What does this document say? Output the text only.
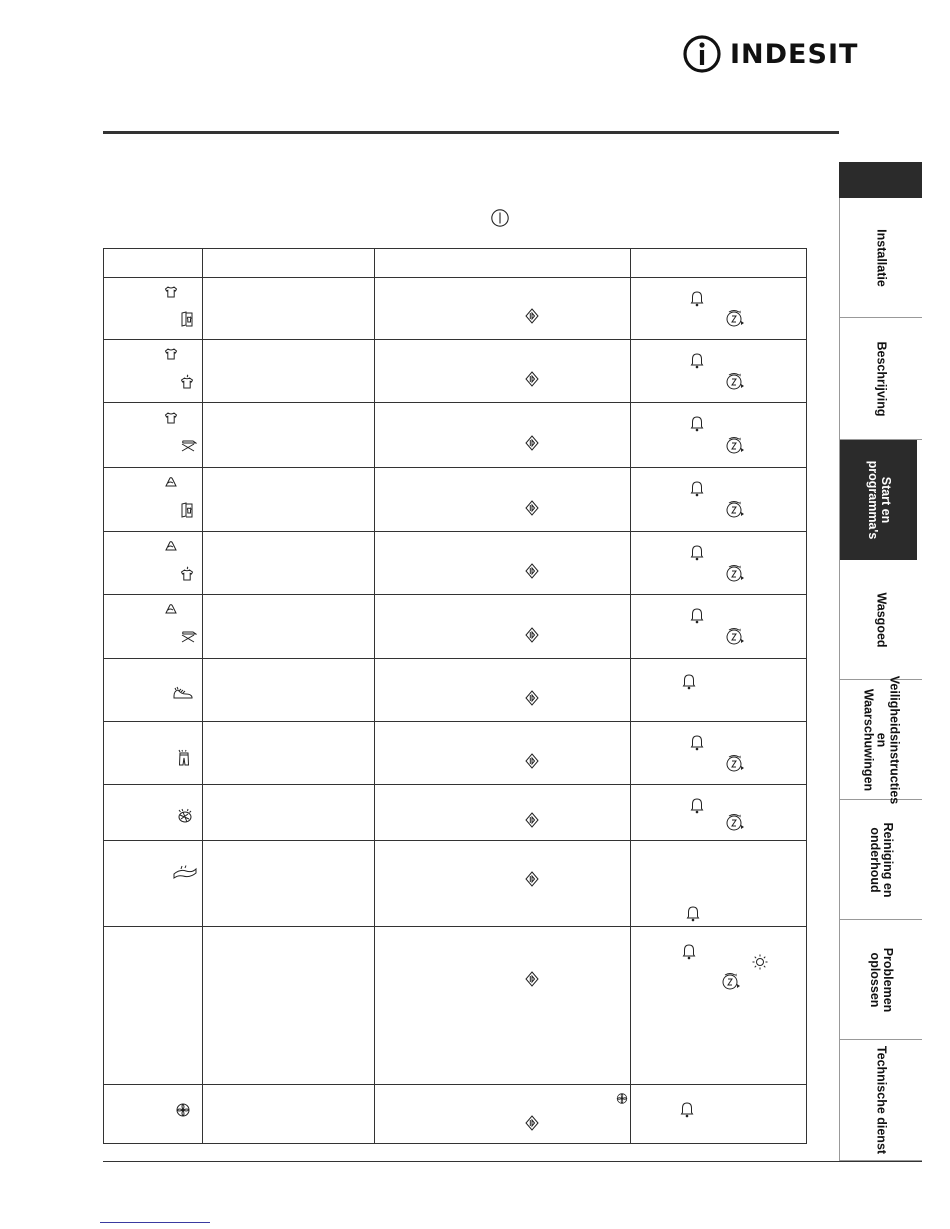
INDESIT

Installatie
Beschrijving
Start en
programma's
Wasgoed
Veiligheidsinstructies
en
Waarschuwingen
Reiniging en
onderhoud
Problemen
oplossen
Technische dienst
